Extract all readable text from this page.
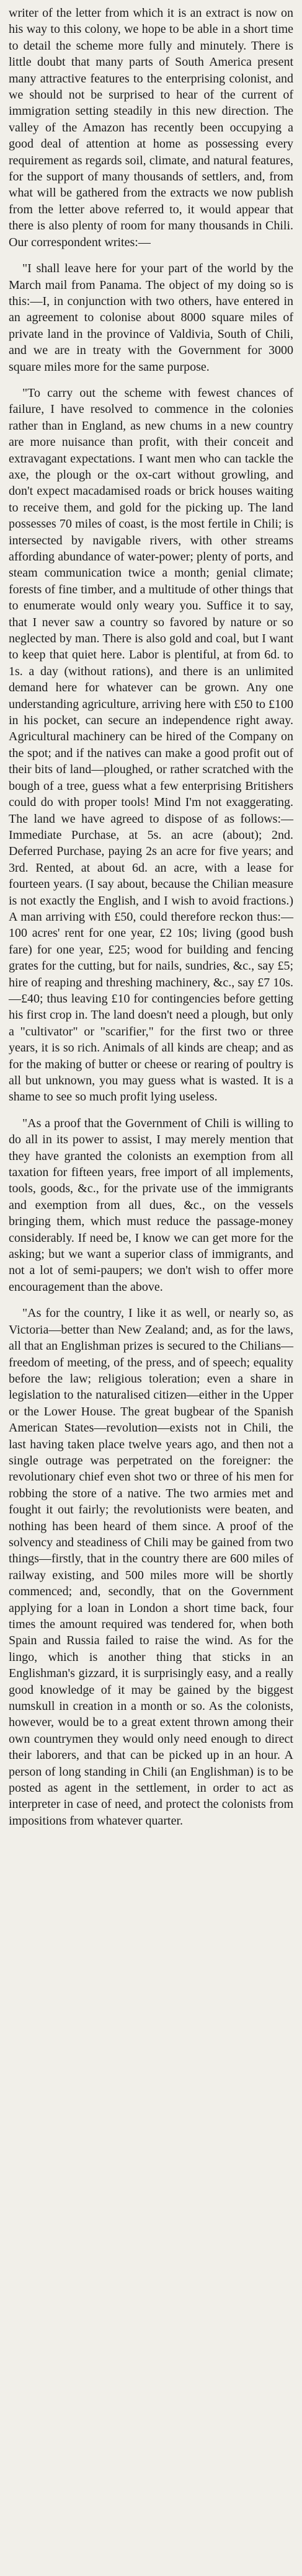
writer of the letter from which it is an extract is now on his way to this colony, we hope to be able in a short time to detail the scheme more fully and minutely. There is little doubt that many parts of South America present many attractive features to the enterprising colonist, and we should not be surprised to hear of the current of immigration setting steadily in this new direction. The valley of the Amazon has recently been occupying a good deal of attention at home as possessing every requirement as regards soil, climate, and natural features, for the support of many thousands of settlers, and, from what will be gathered from the extracts we now publish from the letter above referred to, it would appear that there is also plenty of room for many thousands in Chili. Our correspondent writes:—

"I shall leave here for your part of the world by the March mail from Panama. The object of my doing so is this:—I, in conjunction with two others, have entered in an agreement to colonise about 8000 square miles of private land in the province of Valdivia, South of Chili, and we are in treaty with the Government for 3000 square miles more for the same purpose.

"To carry out the scheme with fewest chances of failure, I have resolved to commence in the colonies rather than in England, as new chums in a new country are more nuisance than profit, with their conceit and extravagant expectations. I want men who can tackle the axe, the plough or the ox-cart without growling, and don't expect macadamised roads or brick houses waiting to receive them, and gold for the picking up. The land possesses 70 miles of coast, is the most fertile in Chili; is intersected by navigable rivers, with other streams affording abundance of water-power; plenty of ports, and steam communication twice a month; genial climate; forests of fine timber, and a multitude of other things that to enumerate would only weary you. Suffice it to say, that I never saw a country so favored by nature or so neglected by man. There is also gold and coal, but I want to keep that quiet here. Labor is plentiful, at from 6d. to 1s. a day (without rations), and there is an unlimited demand here for whatever can be grown. Any one understanding agriculture, arriving here with £50 to £100 in his pocket, can secure an independence right away. Agricultural machinery can be hired of the Company on the spot; and if the natives can make a good profit out of their bits of land—ploughed, or rather scratched with the bough of a tree, guess what a few enterprising Britishers could do with proper tools! Mind I'm not exaggerating. The land we have agreed to dispose of as follows:—Immediate Purchase, at 5s. an acre (about); 2nd. Deferred Purchase, paying 2s an acre for five years; and 3rd. Rented, at about 6d. an acre, with a lease for fourteen years. (I say about, because the Chilian measure is not exactly the English, and I wish to avoid fractions.) A man arriving with £50, could therefore reckon thus:—100 acres' rent for one year, £2 10s; living (good bush fare) for one year, £25; wood for building and fencing grates for the cutting, but for nails, sundries, &c., say £5; hire of reaping and threshing machinery, &c., say £7 10s.—£40; thus leaving £10 for contingencies before getting his first crop in. The land doesn't need a plough, but only a "cultivator" or "scarifier," for the first two or three years, it is so rich. Animals of all kinds are cheap; and as for the making of butter or cheese or rearing of poultry is all but unknown, you may guess what is wasted. It is a shame to see so much profit lying useless.

"As a proof that the Government of Chili is willing to do all in its power to assist, I may merely mention that they have granted the colonists an exemption from all taxation for fifteen years, free import of all implements, tools, goods, &c., for the private use of the immigrants and exemption from all dues, &c., on the vessels bringing them, which must reduce the passage-money considerably. If need be, I know we can get more for the asking; but we want a superior class of immigrants, and not a lot of semi-paupers; we don't wish to offer more encouragement than the above.

"As for the country, I like it as well, or nearly so, as Victoria—better than New Zealand; and, as for the laws, all that an Englishman prizes is secured to the Chilians—freedom of meeting, of the press, and of speech; equality before the law; religious toleration; even a share in legislation to the naturalised citizen—either in the Upper or the Lower House. The great bugbear of the Spanish American States—revolution—exists not in Chili, the last having taken place twelve years ago, and then not a single outrage was perpetrated on the foreigner: the revolutionary chief even shot two or three of his men for robbing the store of a native. The two armies met and fought it out fairly; the revolutionists were beaten, and nothing has been heard of them since. A proof of the solvency and steadiness of Chili may be gained from two things—firstly, that in the country there are 600 miles of railway existing, and 500 miles more will be shortly commenced; and, secondly, that on the Government applying for a loan in London a short time back, four times the amount required was tendered for, when both Spain and Russia failed to raise the wind. As for the lingo, which is another thing that sticks in an Englishman's gizzard, it is surprisingly easy, and a really good knowledge of it may be gained by the biggest numskull in creation in a month or so. As the colonists, however, would be to a great extent thrown among their own countrymen they would only need enough to direct their laborers, and that can be picked up in an hour. A person of long standing in Chili (an Englishman) is to be posted as agent in the settlement, in order to act as interpreter in case of need, and protect the colonists from impositions from whatever quarter.
